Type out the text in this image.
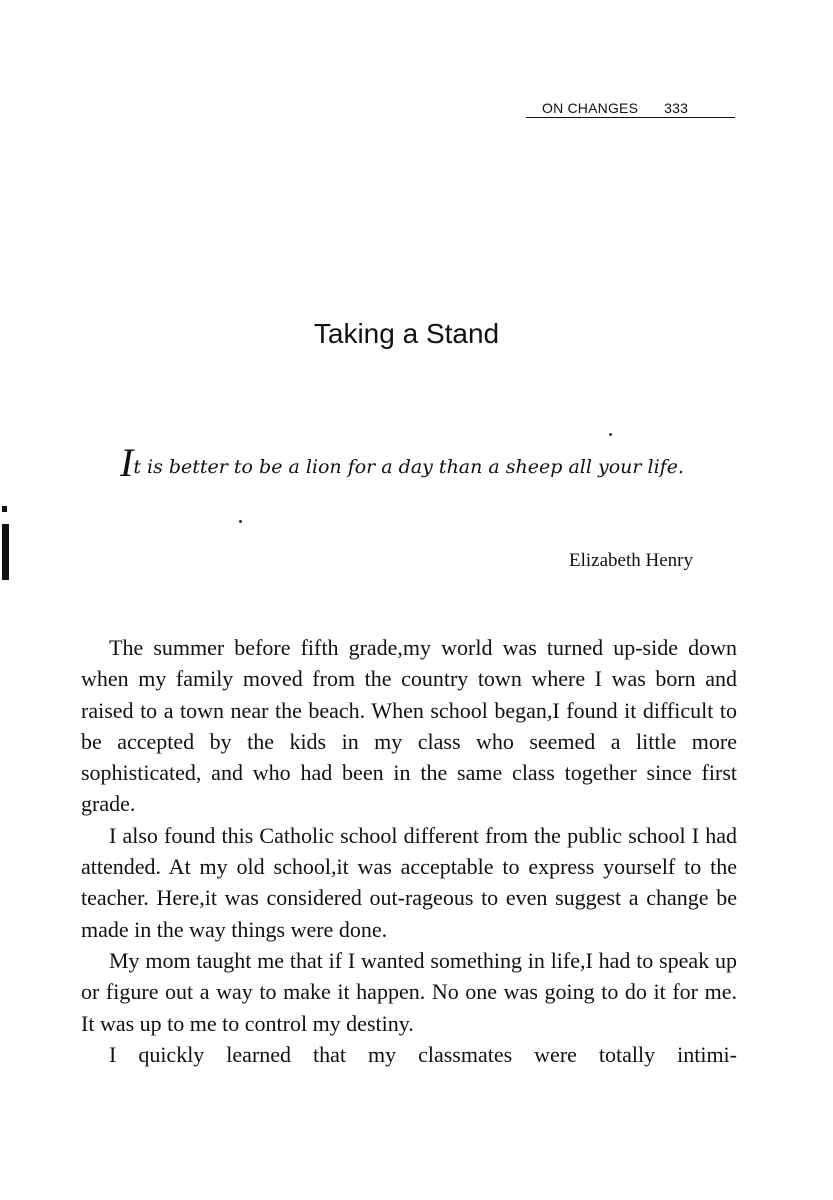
ON CHANGES 333
Taking a Stand

It is better to be a lion for a day than a sheep all your life.

Elizabeth Henry

The summer before fifth grade,my world was turned up-side down when my family moved from the country town where I was born and raised to a town near the beach. When school began,I found it difficult to be accepted by the kids in my class who seemed a little more sophisticated, and who had been in the same class together since first grade.

I also found this Catholic school different from the public school I had attended. At my old school,it was acceptable to express yourself to the teacher. Here,it was considered out-rageous to even suggest a change be made in the way things were done.

My mom taught me that if I wanted something in life,I had to speak up or figure out a way to make it happen. No one was going to do it for me. It was up to me to control my destiny.

I quickly learned that my classmates were totally intimi-
